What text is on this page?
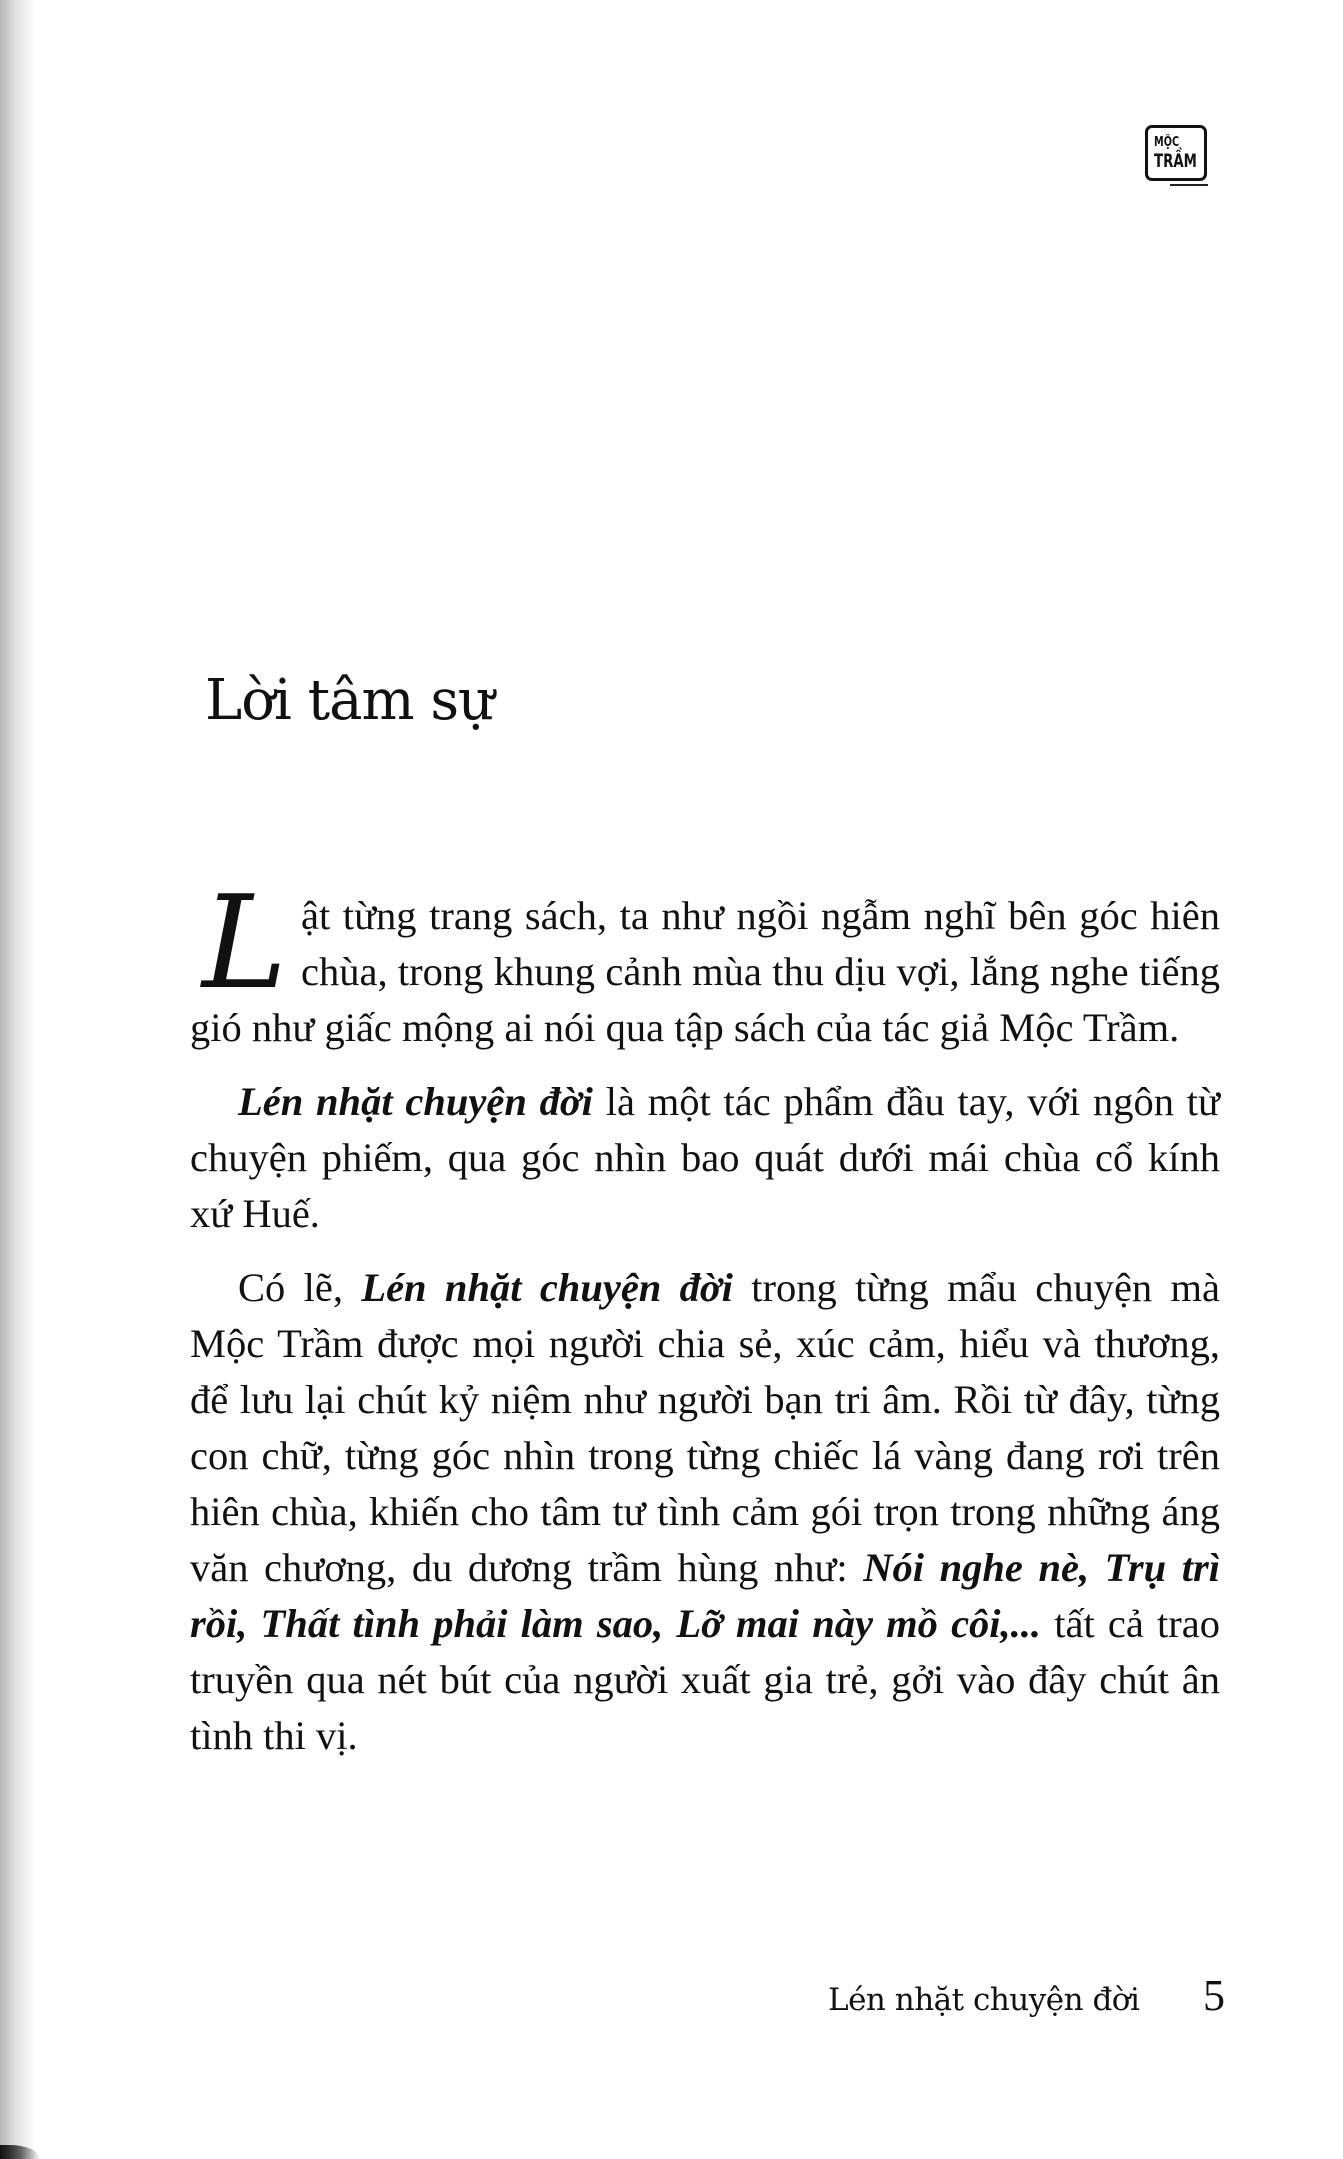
MỘC
TRẦM
Lời tâm sự

Lật từng trang sách, ta như ngồi ngẫm nghĩ bên góc hiên chùa, trong khung cảnh mùa thu dịu vợi, lắng nghe tiếng gió như giấc mộng ai nói qua tập sách của tác giả Mộc Trầm.

Lén nhặt chuyện đời là một tác phẩm đầu tay, với ngôn từ chuyện phiếm, qua góc nhìn bao quát dưới mái chùa cổ kính xứ Huế.

Có lẽ, Lén nhặt chuyện đời trong từng mẩu chuyện mà Mộc Trầm được mọi người chia sẻ, xúc cảm, hiểu và thương, để lưu lại chút kỷ niệm như người bạn tri âm. Rồi từ đây, từng con chữ, từng góc nhìn trong từng chiếc lá vàng đang rơi trên hiên chùa, khiến cho tâm tư tình cảm gói trọn trong những áng văn chương, du dương trầm hùng như: Nói nghe nè, Trụ trì rồi, Thất tình phải làm sao, Lỡ mai này mồ côi,... tất cả trao truyền qua nét bút của người xuất gia trẻ, gởi vào đây chút ân tình thi vị.

Lén nhặt chuyện đời 5
